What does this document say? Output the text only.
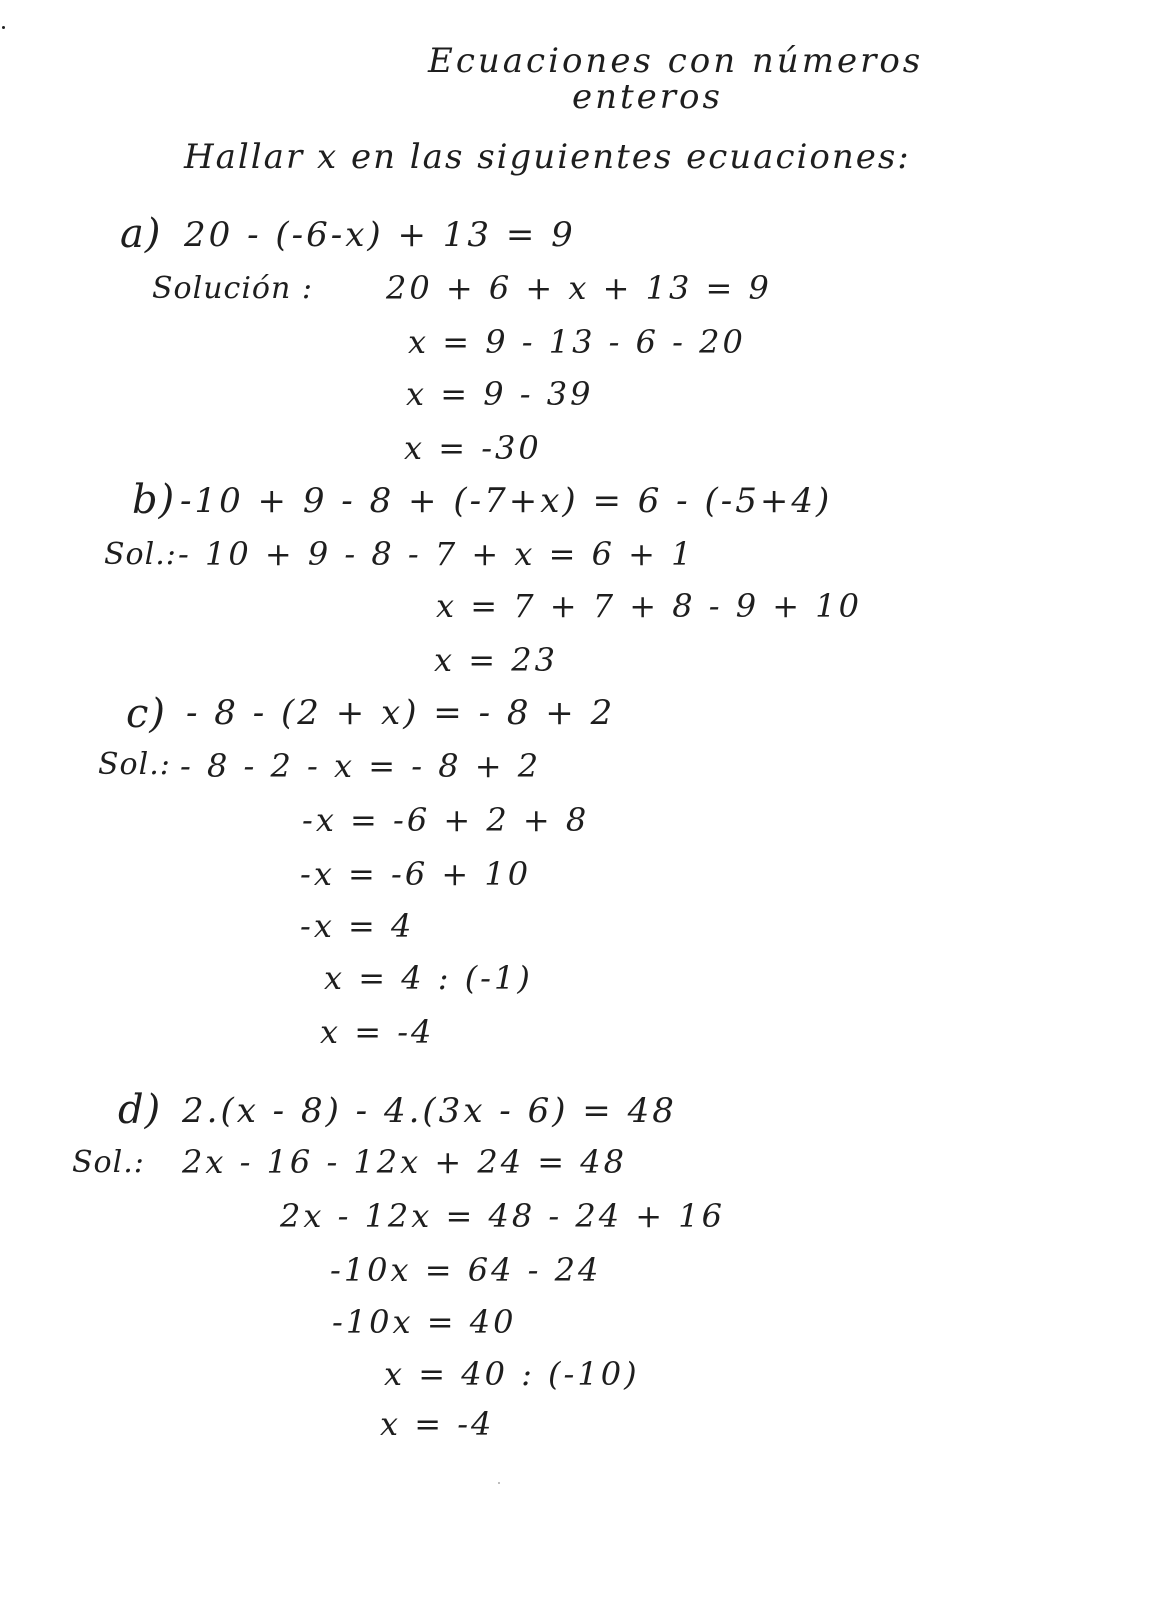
Ecuaciones con números
enteros
Hallar x en las siguientes ecuaciones:
a) 20 - (-6-x) + 13 = 9
Solución : 20 + 6 + x + 13 = 9
x = 9 - 13 - 6 - 20
x = 9 - 39
x = -30
b) -10 + 9 - 8 + (-7+x) = 6 - (-5+4)
Sol.: - 10 + 9 - 8 - 7 + x = 6 + 1
x = 7 + 7 + 8 - 9 + 10
x = 23
c) - 8 - (2 + x) = - 8 + 2
Sol.: - 8 - 2 - x = - 8 + 2
-x = -6 + 2 + 8
-x = -6 + 10
-x = 4
x = 4 : (-1)
x = -4
d) 2.(x - 8) - 4.(3x - 6) = 48
Sol.: 2x - 16 - 12x + 24 = 48
2x - 12x = 48 - 24 + 16
-10x = 64 - 24
-10x = 40
x = 40 : (-10)
x = -4
